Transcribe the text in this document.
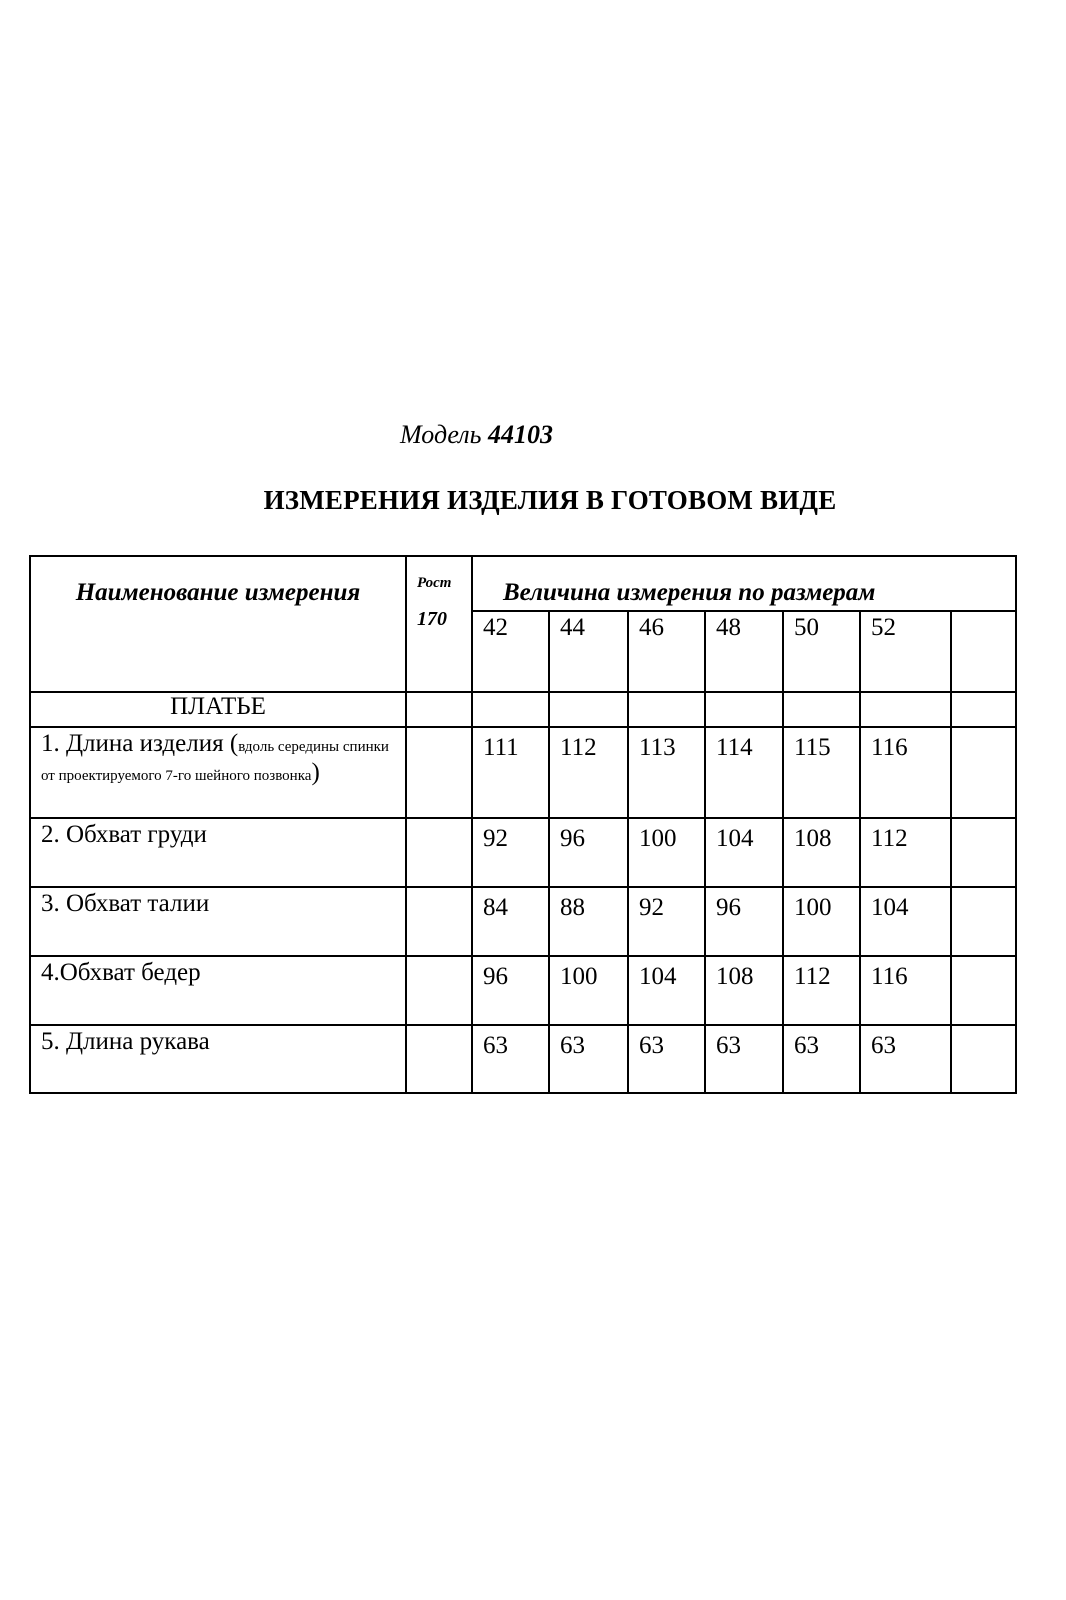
Модель 44103
ИЗМЕРЕНИЯ ИЗДЕЛИЯ В ГОТОВОМ ВИДЕ
Наименование измерения	Рост
170	Величина измерения по размерам						
		42	44	46	48	50	52	
ПЛАТЬЕ								
1. Длина изделия (вдоль середины спинки от проектируемого 7-го шейного позвонка)		111	112	113	114	115	116	
2. Обхват груди		92	96	100	104	108	112	
3. Обхват талии		84	88	92	96	100	104	
4.Обхват бедер		96	100	104	108	112	116	
5. Длина рукава		63	63	63	63	63	63	
